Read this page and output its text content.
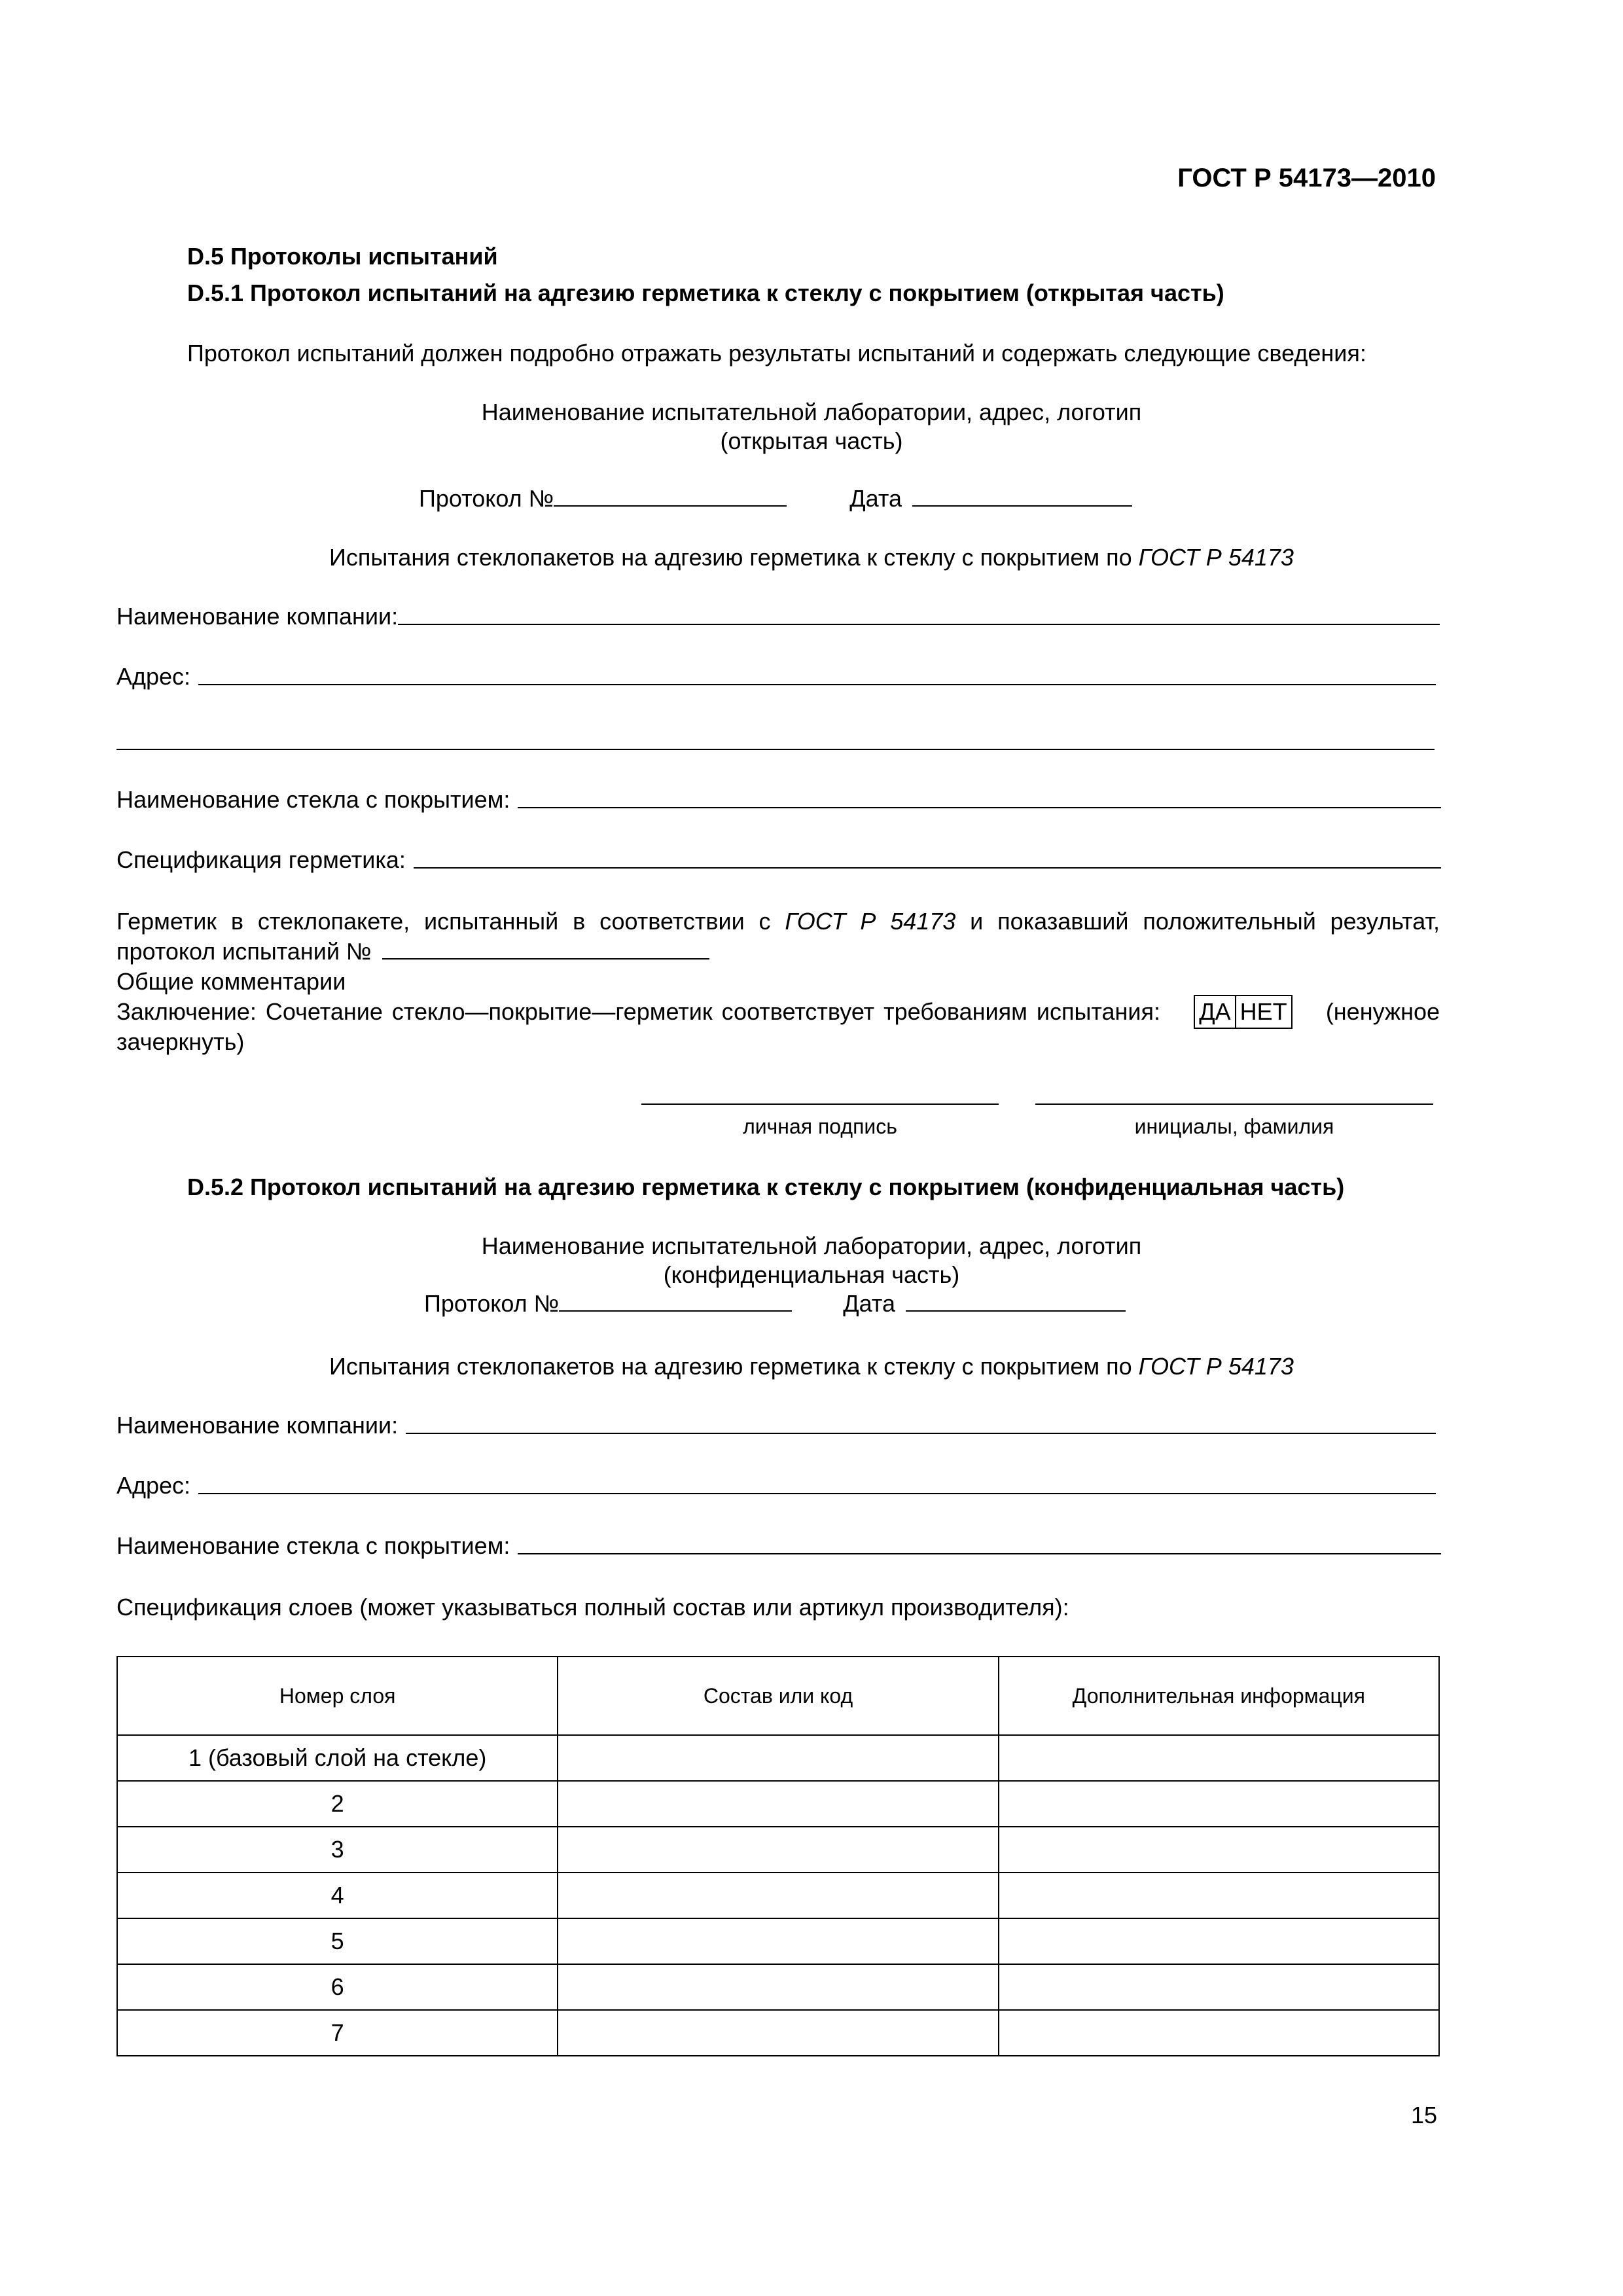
ГОСТ Р 54173—2010
D.5 Протоколы испытаний
D.5.1 Протокол испытаний на адгезию герметика к стеклу с покрытием (открытая часть)
Протокол испытаний должен подробно отражать результаты испытаний и содержать следующие сведения:
Наименование испытательной лаборатории, адрес, логотип
(открытая часть)
Протокол №	Дата
Испытания стеклопакетов на адгезию герметика к стеклу с покрытием по ГОСТ Р 54173
Наименование компании:
Адрес:
Наименование стекла с покрытием:
Спецификация герметика:
Герметик в стеклопакете, испытанный в соответствии с ГОСТ Р 54173 и показавший положительный результат,
протокол испытаний №
Общие комментарии
Заключение: Сочетание стекло—покрытие—герметик соответствует требованиям испытания: ДА НЕТ (ненужное
зачеркнуть)
личная подпись	инициалы, фамилия
D.5.2 Протокол испытаний на адгезию герметика к стеклу с покрытием (конфиденциальная часть)
Наименование испытательной лаборатории, адрес, логотип
(конфиденциальная часть)
Протокол №	Дата
Испытания стеклопакетов на адгезию герметика к стеклу с покрытием по ГОСТ Р 54173
Наименование компании:
Адрес:
Наименование стекла с покрытием:
Спецификация слоев (может указываться полный состав или артикул производителя):
Номер слоя	Состав или код	Дополнительная информация
1 (базовый слой на стекле)		
2		
3		
4		
5		
6		
7		
15
